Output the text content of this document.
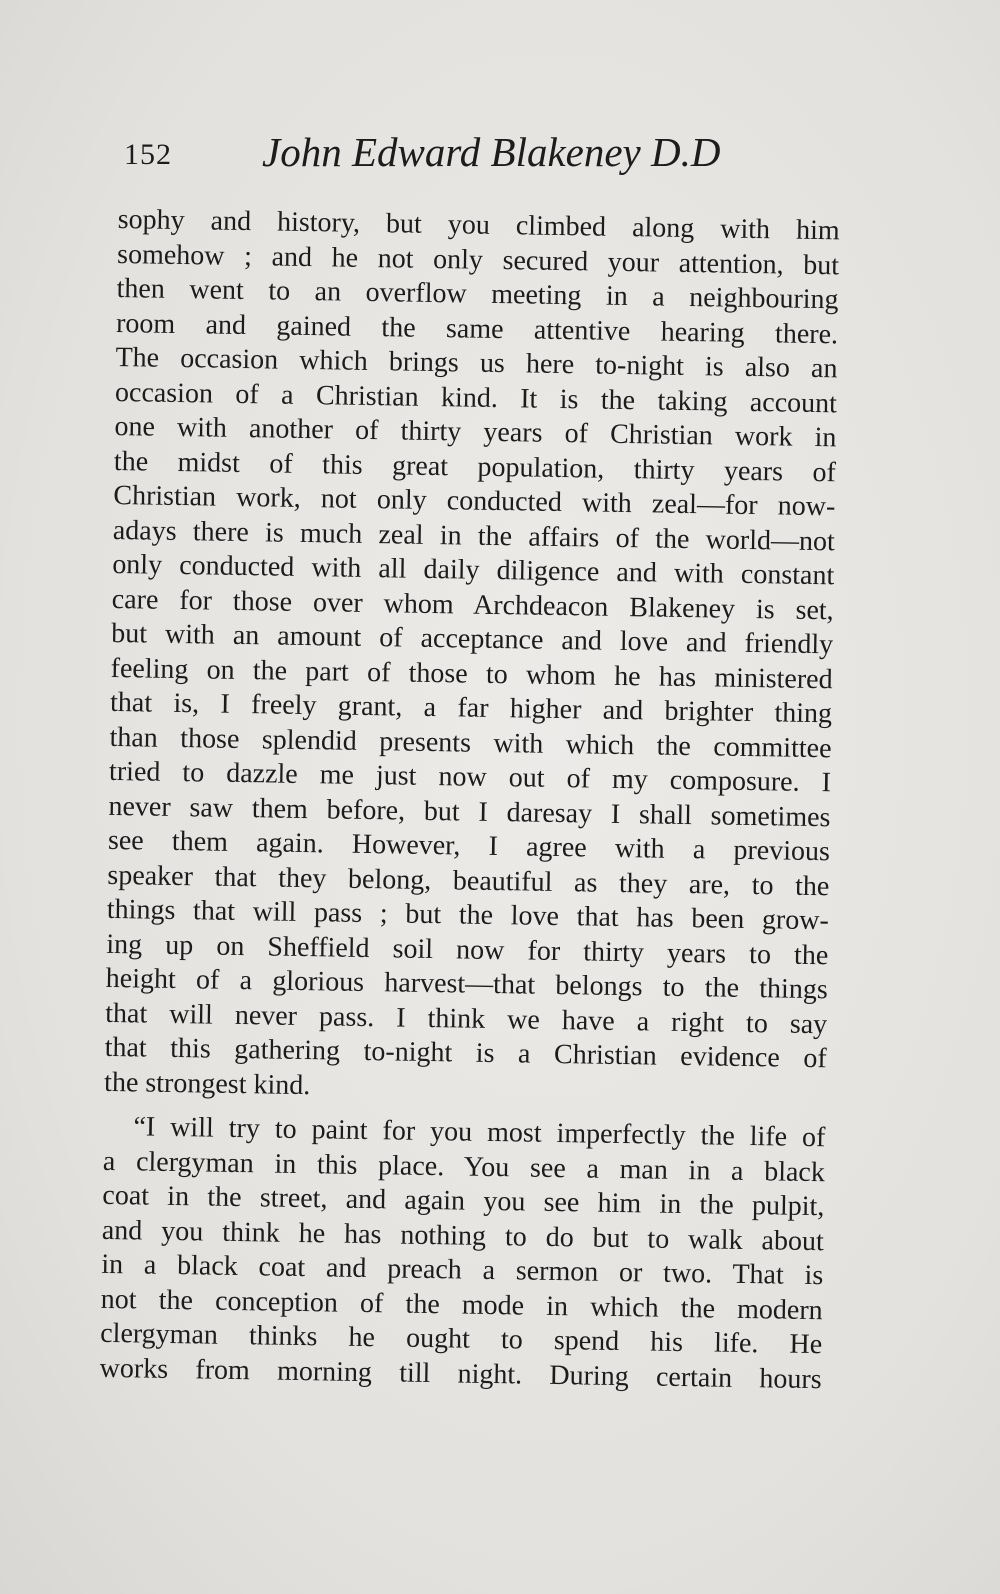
152 John Edward Blakeney D.D
sophy and history, but you climbed along with him
somehow ; and he not only secured your attention, but
then went to an overflow meeting in a neighbouring
room and gained the same attentive hearing there.
The occasion which brings us here to-night is also an
occasion of a Christian kind. It is the taking account
one with another of thirty years of Christian work in
the midst of this great population, thirty years of
Christian work, not only conducted with zeal—for now-
adays there is much zeal in the affairs of the world—not
only conducted with all daily diligence and with constant
care for those over whom Archdeacon Blakeney is set,
but with an amount of acceptance and love and friendly
feeling on the part of those to whom he has ministered
that is, I freely grant, a far higher and brighter thing
than those splendid presents with which the committee
tried to dazzle me just now out of my composure. I
never saw them before, but I daresay I shall sometimes
see them again. However, I agree with a previous
speaker that they belong, beautiful as they are, to the
things that will pass ; but the love that has been grow-
ing up on Sheffield soil now for thirty years to the
height of a glorious harvest—that belongs to the things
that will never pass. I think we have a right to say
that this gathering to-night is a Christian evidence of
the strongest kind.
“I will try to paint for you most imperfectly the life of
a clergyman in this place. You see a man in a black
coat in the street, and again you see him in the pulpit,
and you think he has nothing to do but to walk about
in a black coat and preach a sermon or two. That is
not the conception of the mode in which the modern
clergyman thinks he ought to spend his life. He
works from morning till night. During certain hours
